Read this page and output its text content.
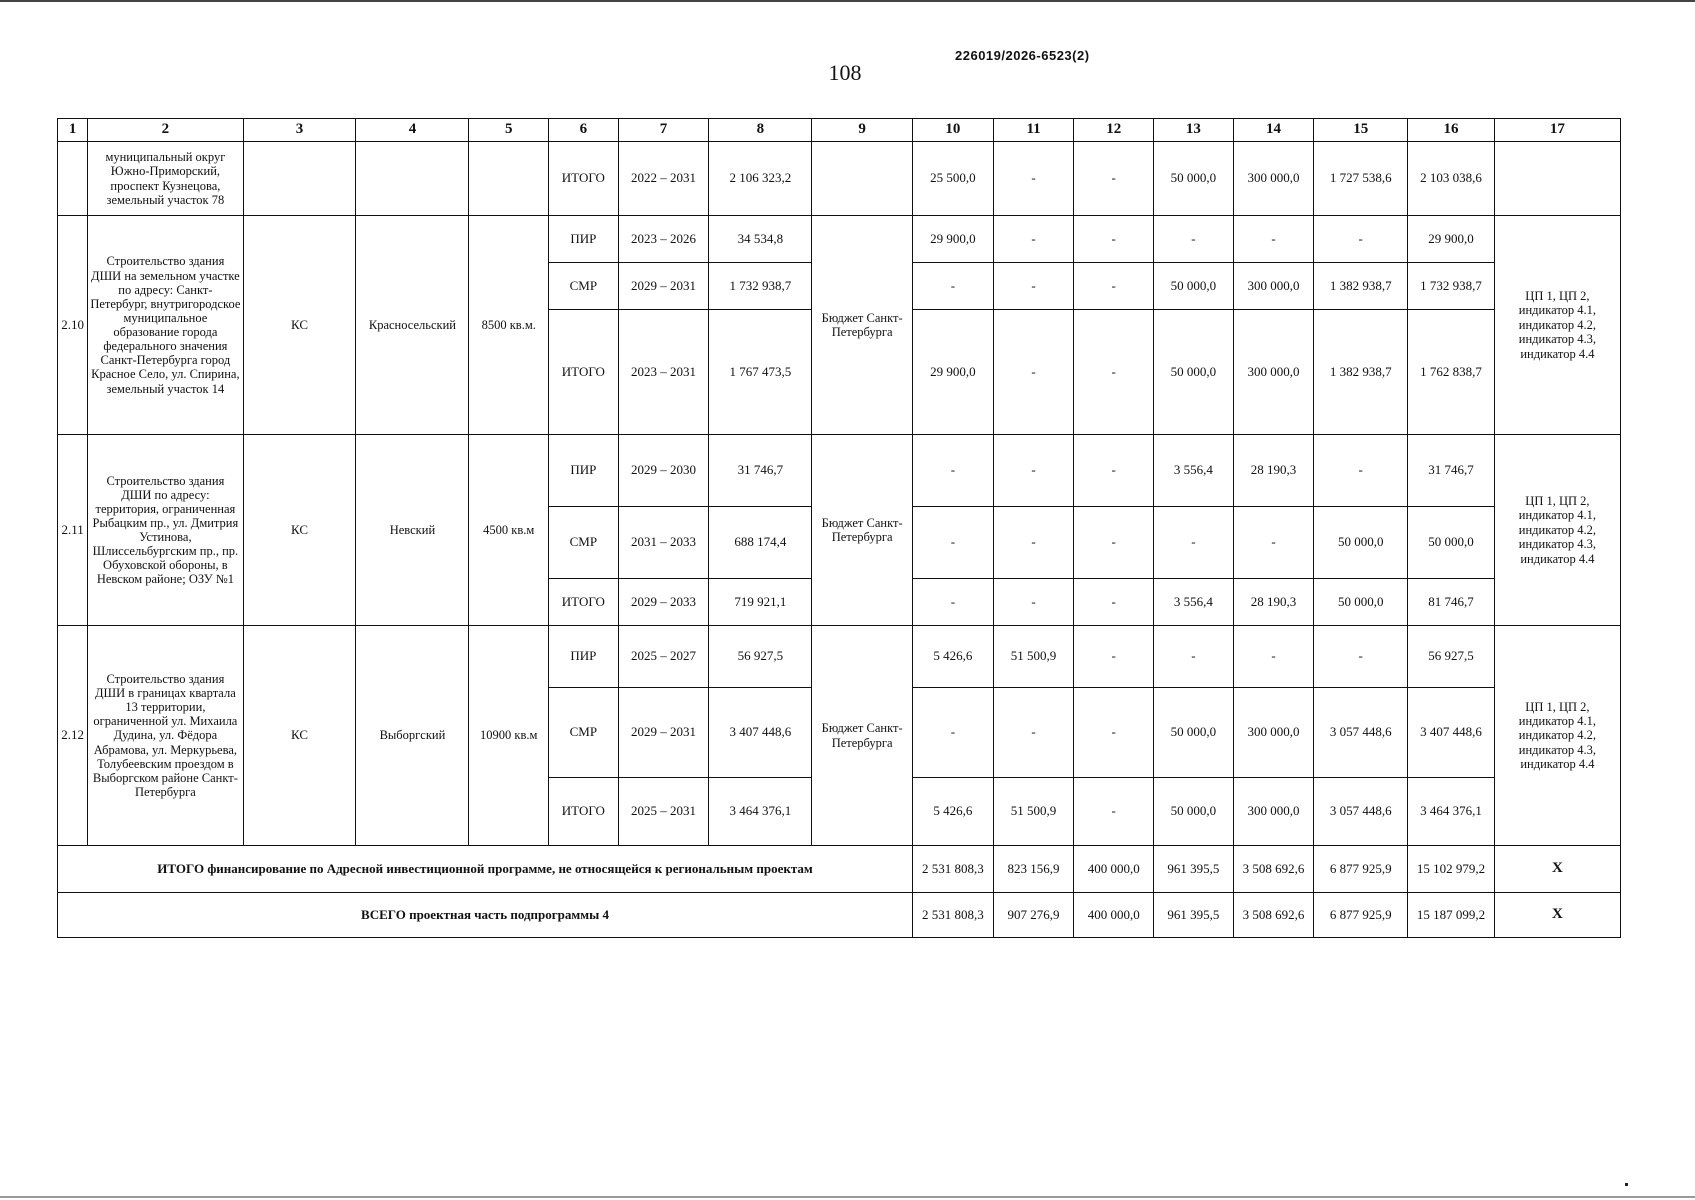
226019/2026-6523(2)
108
1	2	3	4	5	6	7	8	9	10	11	12	13	14	15	16	17
	муниципальный округ Южно-Приморский, проспект Кузнецова, земельный участок 78				ИТОГО	2022 – 2031	2 106 323,2		25 500,0	-	-	50 000,0	300 000,0	1 727 538,6	2 103 038,6	
2.10	Строительство здания ДШИ на земельном участке по адресу: Санкт-Петербург, внутригородское муниципальное образование города федерального значения Санкт-Петербурга город Красное Село, ул. Спирина, земельный участок 14	КС	Красносельский	8500 кв.м.	ПИР	2023 – 2026	34 534,8	Бюджет Санкт-Петербурга	29 900,0	-	-	-	-	-	29 900,0	ЦП 1, ЦП 2, индикатор 4.1, индикатор 4.2, индикатор 4.3, индикатор 4.4
					СМР	2029 – 2031	1 732 938,7		-	-	-	50 000,0	300 000,0	1 382 938,7	1 732 938,7	
					ИТОГО	2023 – 2031	1 767 473,5		29 900,0	-	-	50 000,0	300 000,0	1 382 938,7	1 762 838,7	
2.11	Строительство здания ДШИ по адресу: территория, ограниченная Рыбацким пр., ул. Дмитрия Устинова, Шлиссельбургским пр., пр. Обуховской обороны, в Невском районе; ОЗУ №1	КС	Невский	4500 кв.м	ПИР	2029 – 2030	31 746,7	Бюджет Санкт-Петербурга	-	-	-	3 556,4	28 190,3	-	31 746,7	ЦП 1, ЦП 2, индикатор 4.1, индикатор 4.2, индикатор 4.3, индикатор 4.4
					СМР	2031 – 2033	688 174,4		-	-	-	-	-	50 000,0	50 000,0	
					ИТОГО	2029 – 2033	719 921,1		-	-	-	3 556,4	28 190,3	50 000,0	81 746,7	
2.12	Строительство здания ДШИ в границах квартала 13 территории, ограниченной ул. Михаила Дудина, ул. Фёдора Абрамова, ул. Меркурьева, Толубеевским проездом в Выборгском районе Санкт-Петербурга	КС	Выборгский	10900 кв.м	ПИР	2025 – 2027	56 927,5	Бюджет Санкт-Петербурга	5 426,6	51 500,9	-	-	-	-	56 927,5	ЦП 1, ЦП 2, индикатор 4.1, индикатор 4.2, индикатор 4.3, индикатор 4.4
					СМР	2029 – 2031	3 407 448,6		-	-	-	50 000,0	300 000,0	3 057 448,6	3 407 448,6	
					ИТОГО	2025 – 2031	3 464 376,1		5 426,6	51 500,9	-	50 000,0	300 000,0	3 057 448,6	3 464 376,1	
ИТОГО финансирование по Адресной инвестиционной программе, не относящейся к региональным проектам									2 531 808,3	823 156,9	400 000,0	961 395,5	3 508 692,6	6 877 925,9	15 102 979,2	Х
ВСЕГО проектная часть подпрограммы 4									2 531 808,3	907 276,9	400 000,0	961 395,5	3 508 692,6	6 877 925,9	15 187 099,2	Х
